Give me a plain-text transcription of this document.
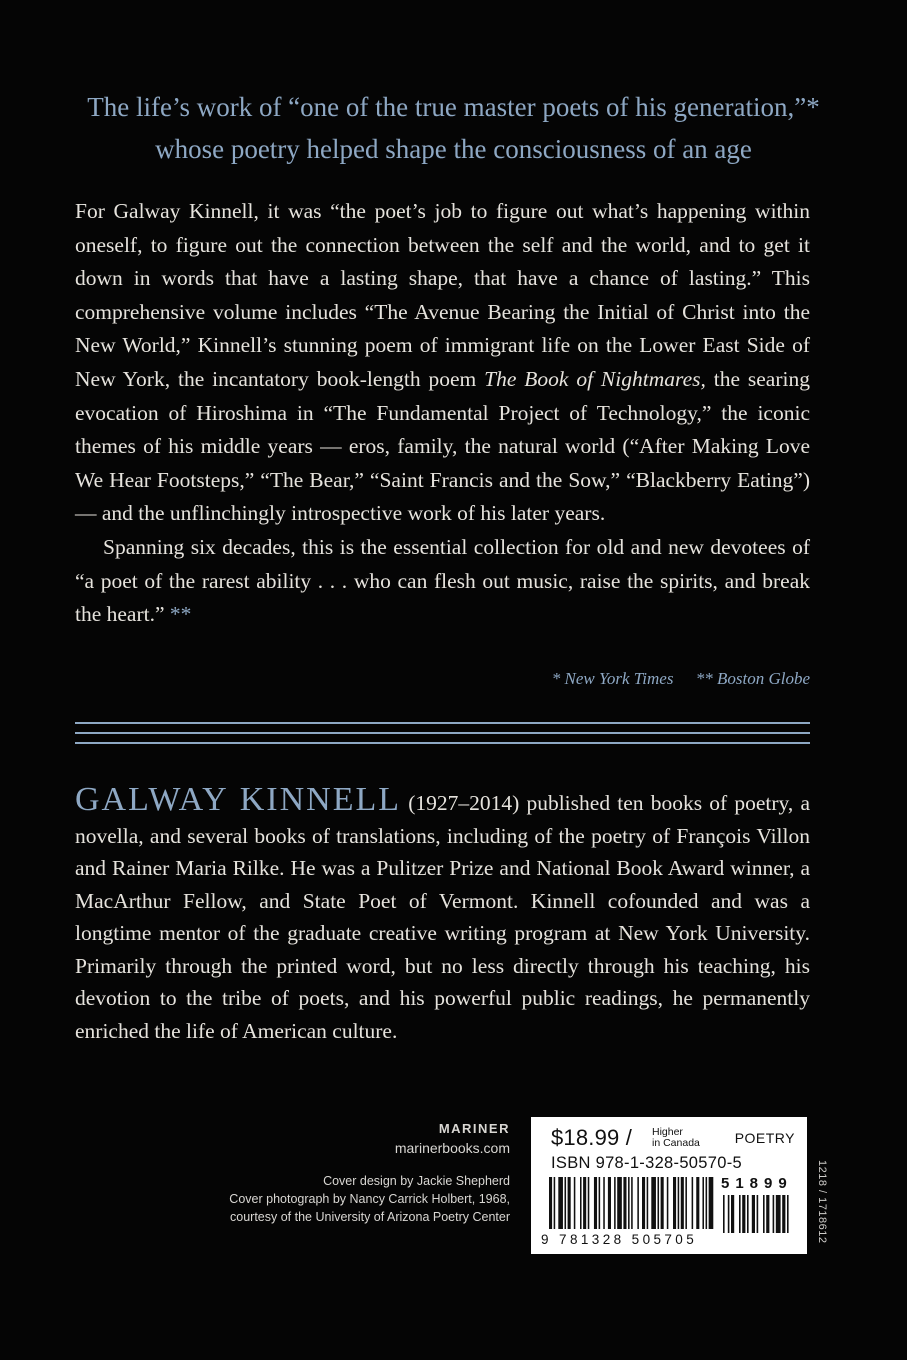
The life’s work of “one of the true master poets of his generation,”*
whose poetry helped shape the consciousness of an age

For Galway Kinnell, it was “the poet’s job to figure out what’s happening within oneself, to figure out the connection between the self and the world, and to get it down in words that have a lasting shape, that have a chance of lasting.” This comprehensive volume includes “The Avenue Bearing the Initial of Christ into the New World,” Kinnell’s stunning poem of immigrant life on the Lower East Side of New York, the incantatory book-length poem The Book of Nightmares, the searing evocation of Hiroshima in “The Fundamental Project of Technology,” the iconic themes of his middle years — eros, family, the natural world (“After Making Love We Hear Footsteps,” “The Bear,” “Saint Francis and the Sow,” “Blackberry Eating”) — and the unflinchingly introspective work of his later years.

Spanning six decades, this is the essential collection for old and new devotees of “a poet of the rarest ability . . . who can flesh out music, raise the spirits, and break the heart.” **

* New York Times ** Boston Globe
GALWAY KINNELL (1927–2014) published ten books of poetry, a novella, and several books of translations, including of the poetry of François Villon and Rainer Maria Rilke. He was a Pulitzer Prize and National Book Award winner, a MacArthur Fellow, and State Poet of Vermont. Kinnell cofounded and was a longtime mentor of the graduate creative writing program at New York University. Primarily through the printed word, but no less directly through his teaching, his devotion to the tribe of poets, and his powerful public readings, he permanently enriched the life of American culture.
MARINER
marinerbooks.com
Cover design by Jackie Shepherd
Cover photograph by Nancy Carrick Holbert, 1968,
courtesy of the University of Arizona Poetry Center
$18.99 / Higher
in Canada	POETRY
ISBN 978-1-328-50570-5
51899
9 781328 505705	1218 / 1718612
